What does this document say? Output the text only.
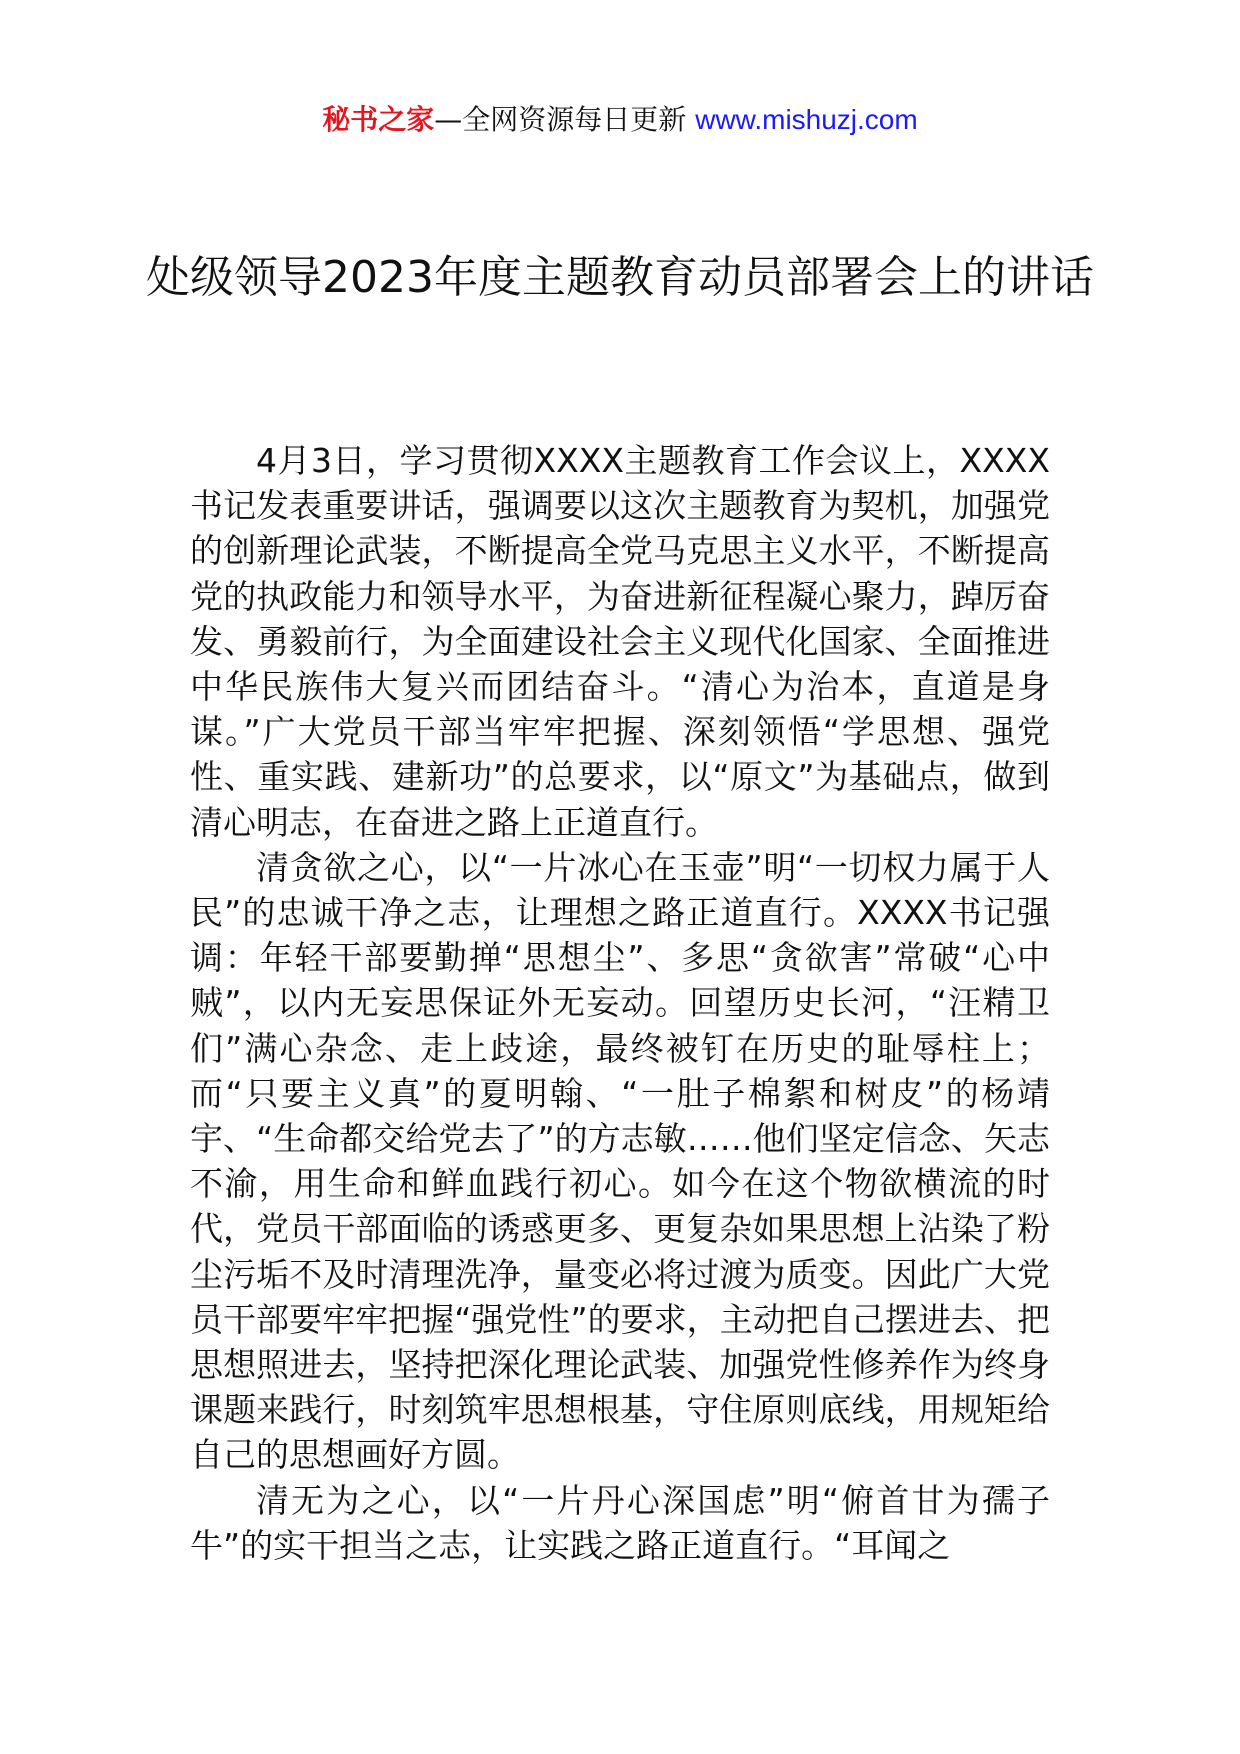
秘书之家—全网资源每日更新 www.mishuzj.com
处级领导2023年度主题教育动员部署会上的讲话

4月3日，学习贯彻XXXX主题教育工作会议上，XXXX书记发表重要讲话，强调要以这次主题教育为契机，加强党的创新理论武装，不断提高全党马克思主义水平，不断提高党的执政能力和领导水平，为奋进新征程凝心聚力，踔厉奋发、勇毅前行，为全面建设社会主义现代化国家、全面推进中华民族伟大复兴而团结奋斗。“清心为治本，直道是身谋。”广大党员干部当牢牢把握、深刻领悟“学思想、强党性、重实践、建新功”的总要求，以“原文”为基础点，做到清心明志，在奋进之路上正道直行。

清贪欲之心，以“一片冰心在玉壶”明“一切权力属于人民”的忠诚干净之志，让理想之路正道直行。XXXX书记强调：年轻干部要勤掸“思想尘”、多思“贪欲害”常破“心中贼”，以内无妄思保证外无妄动。回望历史长河，“汪精卫们”满心杂念、走上歧途，最终被钉在历史的耻辱柱上；而“只要主义真”的夏明翰、“一肚子棉絮和树皮”的杨靖宇、“生命都交给党去了”的方志敏……他们坚定信念、矢志不渝，用生命和鲜血践行初心。如今在这个物欲横流的时代，党员干部面临的诱惑更多、更复杂如果思想上沾染了粉尘污垢不及时清理洗净，量变必将过渡为质变。因此广大党员干部要牢牢把握“强党性”的要求，主动把自己摆进去、把思想照进去，坚持把深化理论武装、加强党性修养作为终身课题来践行，时刻筑牢思想根基，守住原则底线，用规矩给自己的思想画好方圆。

清无为之心，以“一片丹心深国虑”明“俯首甘为孺子牛”的实干担当之志，让实践之路正道直行。“耳闻之
